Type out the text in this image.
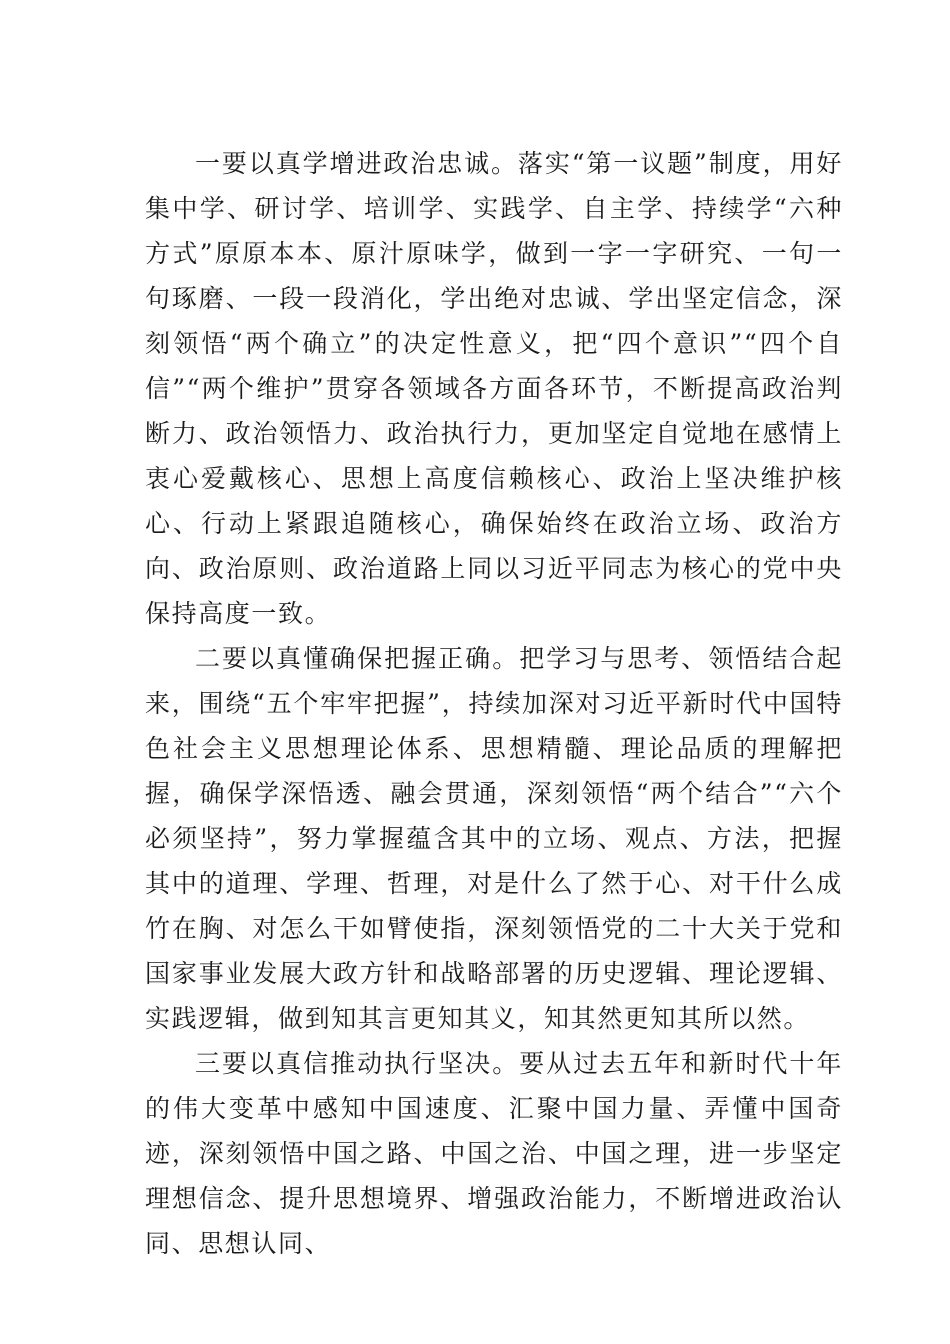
一要以真学增进政治忠诚。落实“第一议题”制度，用好集中学、研讨学、培训学、实践学、自主学、持续学“六种方式”原原本本、原汁原味学，做到一字一字研究、一句一句琢磨、一段一段消化，学出绝对忠诚、学出坚定信念，深刻领悟“两个确立”的决定性意义，把“四个意识”“四个自信”“两个维护”贯穿各领域各方面各环节，不断提高政治判断力、政治领悟力、政治执行力，更加坚定自觉地在感情上衷心爱戴核心、思想上高度信赖核心、政治上坚决维护核心、行动上紧跟追随核心，确保始终在政治立场、政治方向、政治原则、政治道路上同以习近平同志为核心的党中央保持高度一致。

二要以真懂确保把握正确。把学习与思考、领悟结合起来，围绕“五个牢牢把握”，持续加深对习近平新时代中国特色社会主义思想理论体系、思想精髓、理论品质的理解把握，确保学深悟透、融会贯通，深刻领悟“两个结合”“六个必须坚持”，努力掌握蕴含其中的立场、观点、方法，把握其中的道理、学理、哲理，对是什么了然于心、对干什么成竹在胸、对怎么干如臂使指，深刻领悟党的二十大关于党和国家事业发展大政方针和战略部署的历史逻辑、理论逻辑、实践逻辑，做到知其言更知其义，知其然更知其所以然。

三要以真信推动执行坚决。要从过去五年和新时代十年的伟大变革中感知中国速度、汇聚中国力量、弄懂中国奇迹，深刻领悟中国之路、中国之治、中国之理，进一步坚定理想信念、提升思想境界、增强政治能力，不断增进政治认同、思想认同、
